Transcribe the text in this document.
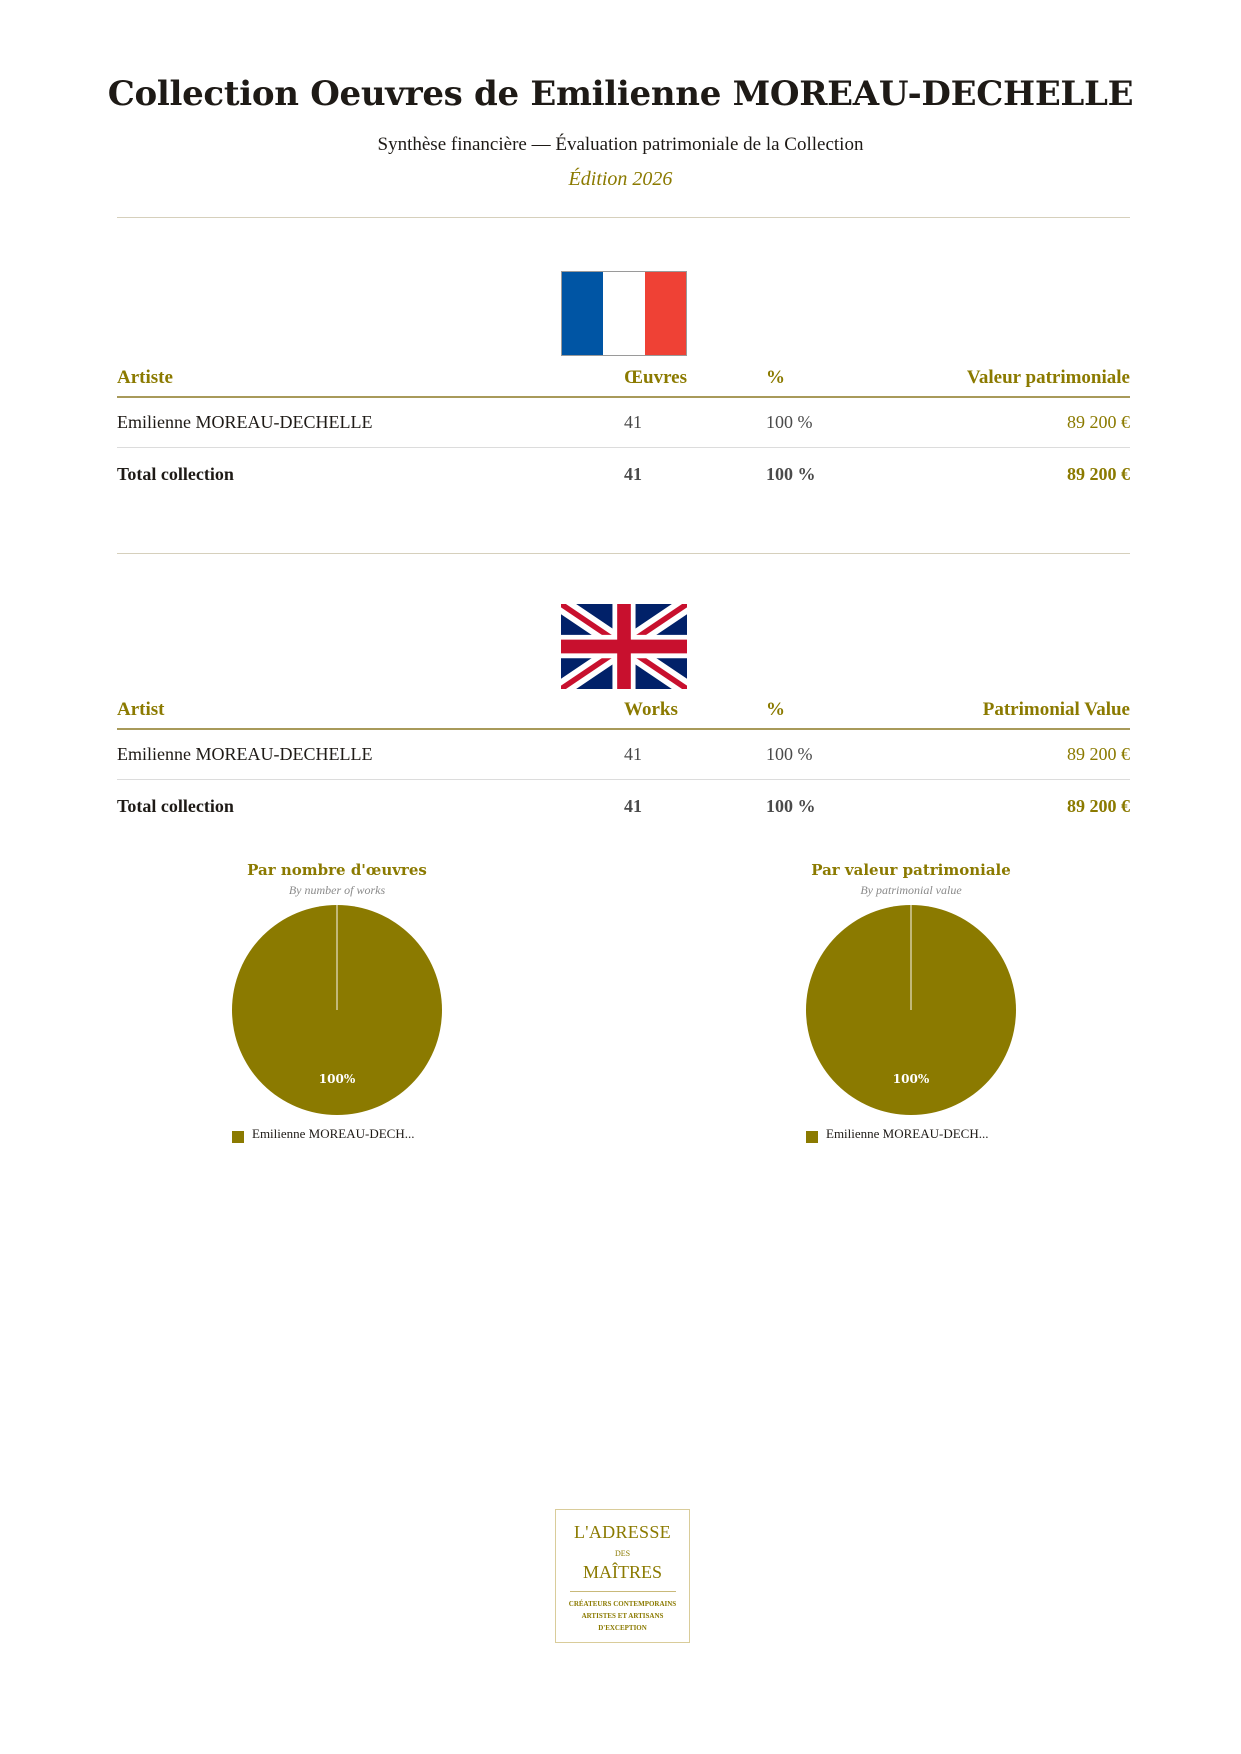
Collection Oeuvres de Emilienne MOREAU-DECHELLE
Synthèse financière — Évaluation patrimoniale de la Collection
Édition 2026
Artiste	Œuvres	%	Valeur patrimoniale
Emilienne MOREAU-DECHELLE	41	100 %	89 200 €
Total collection	41	100 %	89 200 €
Artist	Works	%	Patrimonial Value
Emilienne MOREAU-DECHELLE	41	100 %	89 200 €
Total collection	41	100 %	89 200 €
Par nombre d'œuvres
By number of works
100%
Emilienne MOREAU-DECH...
Par valeur patrimoniale
By patrimonial value
100%
Emilienne MOREAU-DECH...
L'ADRESSE
DES
MAÎTRES
CRÉATEURS CONTEMPORAINS
ARTISTES ET ARTISANS
D'EXCEPTION
